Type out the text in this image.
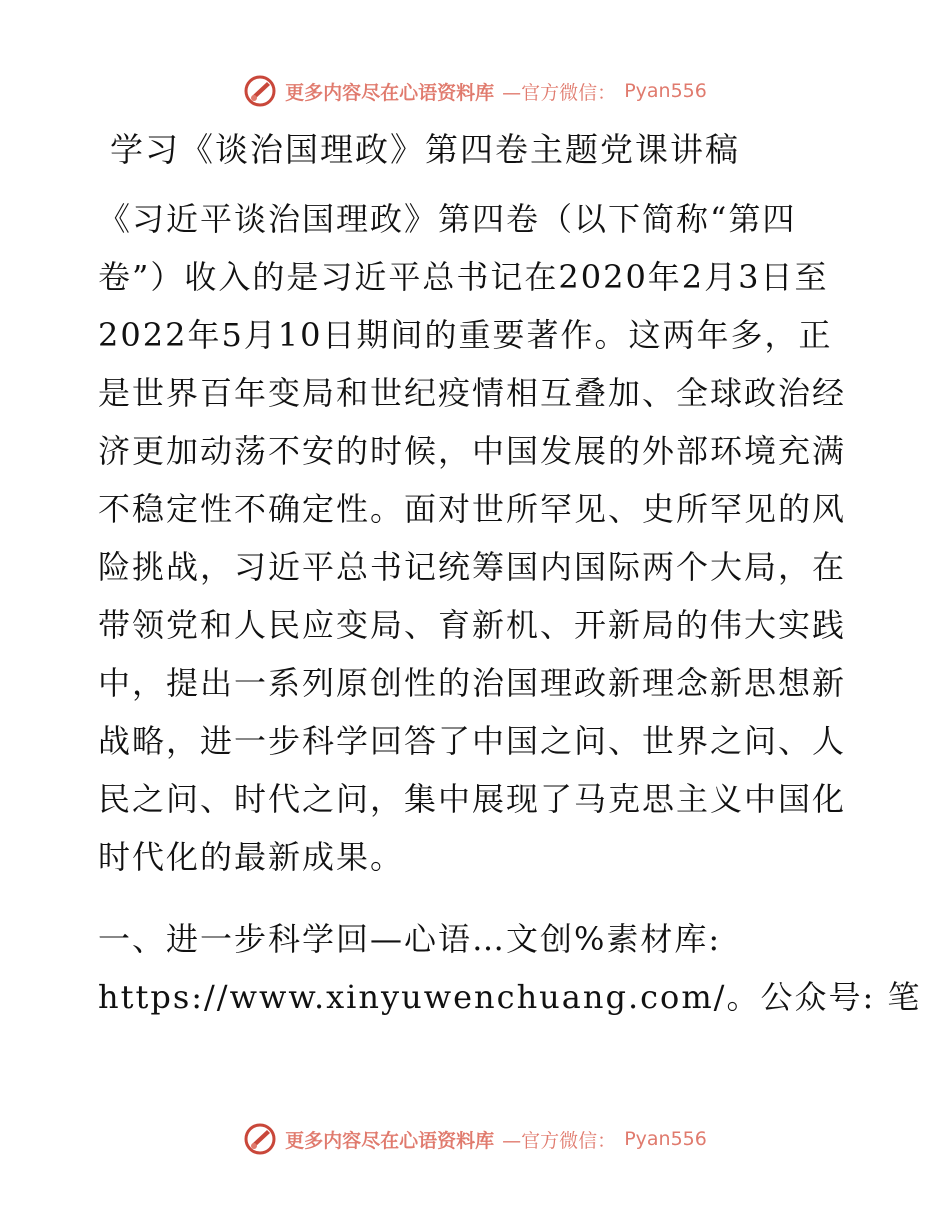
更多内容尽在心语资料库 —官方微信： Pyan556
学习《谈治国理政》第四卷主题党课讲稿
《习近平谈治国理政》第四卷（以下简称“第四
卷”）收入的是习近平总书记在2020年2月3日至
2022年5月10日期间的重要著作。这两年多，正
是世界百年变局和世纪疫情相互叠加、全球政治经
济更加动荡不安的时候，中国发展的外部环境充满
不稳定性不确定性。面对世所罕见、史所罕见的风
险挑战，习近平总书记统筹国内国际两个大局，在
带领党和人民应变局、育新机、开新局的伟大实践
中，提出一系列原创性的治国理政新理念新思想新
战略，进一步科学回答了中国之问、世界之问、人
民之问、时代之问，集中展现了马克思主义中国化
时代化的最新成果。
一、进一步科学回—心语…文创%素材库:
https://www.xinyuwenchuang.com/。公众号: 笔
更多内容尽在心语资料库 —官方微信： Pyan556
